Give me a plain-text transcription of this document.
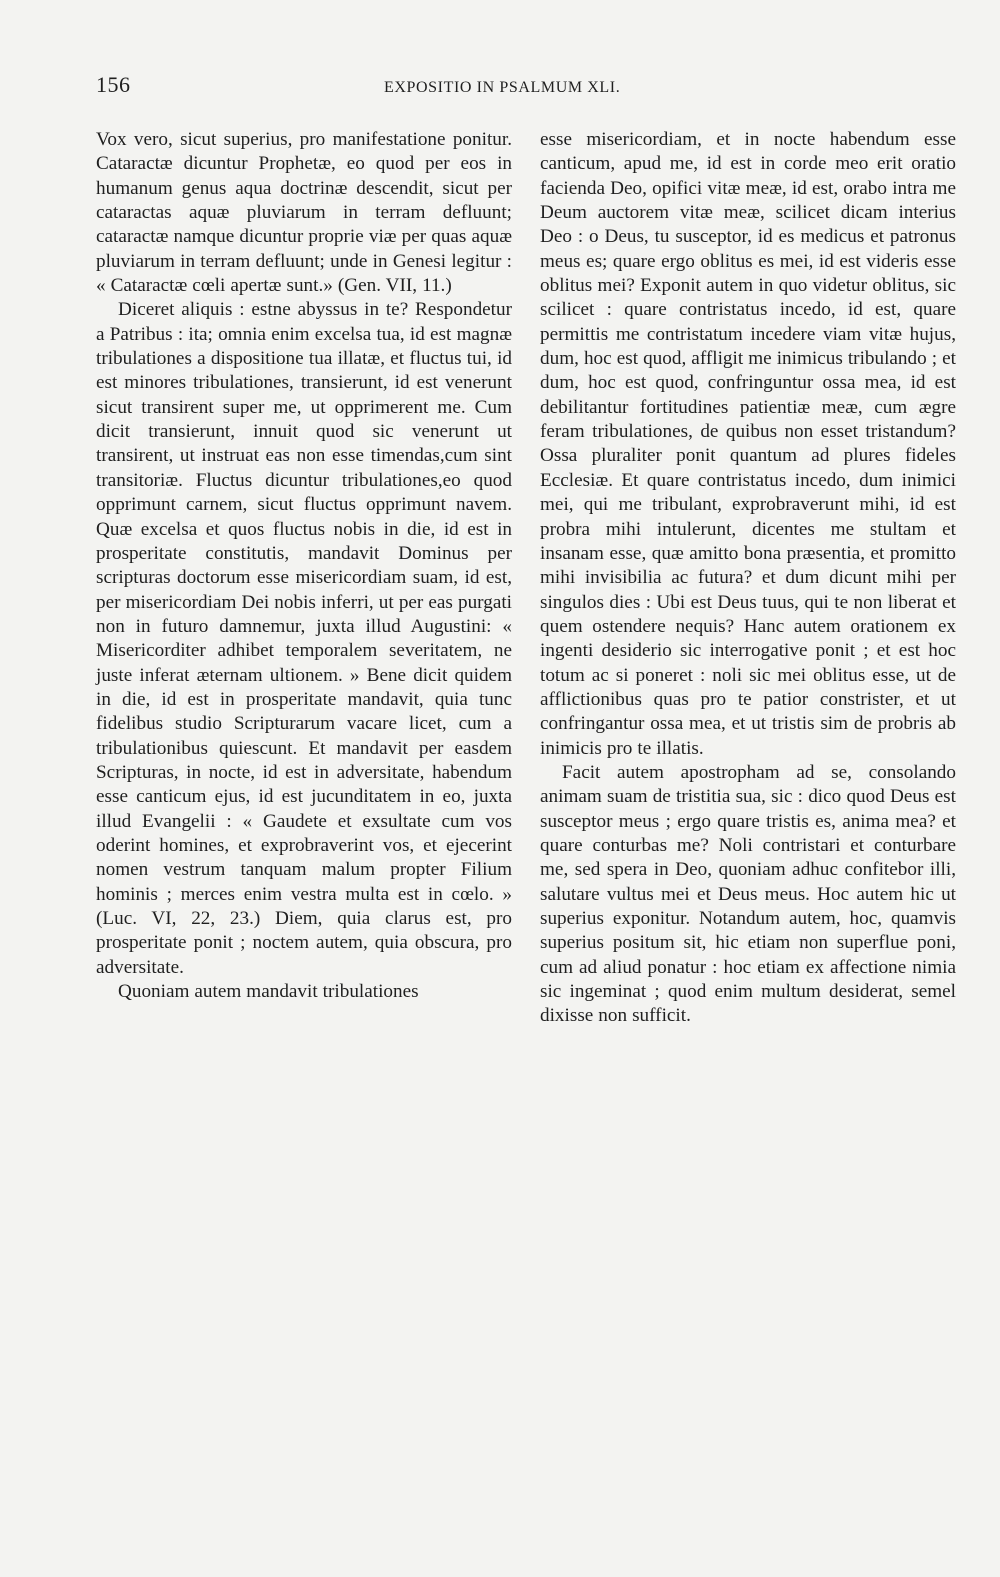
156	EXPOSITIO IN PSALMUM XLI.

Vox vero, sicut superius, pro manifestatione ponitur. Cataractæ dicuntur Prophetæ, eo quod per eos in humanum genus aqua doctrinæ descendit, sicut per cataractas aquæ pluviarum in terram defluunt; cataractæ namque dicuntur proprie viæ per quas aquæ pluviarum in terram defluunt; unde in Genesi legitur : « Cataractæ cœli apertæ sunt.» (Gen. VII, 11.)

Diceret aliquis : estne abyssus in te? Respondetur a Patribus : ita; omnia enim excelsa tua, id est magnæ tribulationes a dispositione tua illatæ, et fluctus tui, id est minores tribulationes, transierunt, id est venerunt sicut transirent super me, ut opprimerent me. Cum dicit transierunt, innuit quod sic venerunt ut transirent, ut instruat eas non esse timendas,cum sint transitoriæ. Fluctus dicuntur tribulationes,eo quod opprimunt carnem, sicut fluctus opprimunt navem. Quæ excelsa et quos fluctus nobis in die, id est in prosperitate constitutis, mandavit Dominus per scripturas doctorum esse misericordiam suam, id est, per misericordiam Dei nobis inferri, ut per eas purgati non in futuro damnemur, juxta illud Augustini: « Misericorditer adhibet temporalem severitatem, ne juste inferat æternam ultionem. » Bene dicit quidem in die, id est in prosperitate mandavit, quia tunc fidelibus studio Scripturarum vacare licet, cum a tribulationibus quiescunt. Et mandavit per easdem Scripturas, in nocte, id est in adversitate, habendum esse canticum ejus, id est jucunditatem in eo, juxta illud Evangelii : « Gaudete et exsultate cum vos oderint homines, et exprobraverint vos, et ejecerint nomen vestrum tanquam malum propter Filium hominis ; merces enim vestra multa est in cœlo. » (Luc. VI, 22, 23.) Diem, quia clarus est, pro prosperitate ponit ; noctem autem, quia obscura, pro adversitate.

Quoniam autem mandavit tribulationes

esse misericordiam, et in nocte habendum esse canticum, apud me, id est in corde meo erit oratio facienda Deo, opifici vitæ meæ, id est, orabo intra me Deum auctorem vitæ meæ, scilicet dicam interius Deo : o Deus, tu susceptor, id es medicus et patronus meus es; quare ergo oblitus es mei, id est videris esse oblitus mei? Exponit autem in quo videtur oblitus, sic scilicet : quare contristatus incedo, id est, quare permittis me contristatum incedere viam vitæ hujus, dum, hoc est quod, affligit me inimicus tribulando ; et dum, hoc est quod, confringuntur ossa mea, id est debilitantur fortitudines patientiæ meæ, cum ægre feram tribulationes, de quibus non esset tristandum? Ossa pluraliter ponit quantum ad plures fideles Ecclesiæ. Et quare contristatus incedo, dum inimici mei, qui me tribulant, exprobraverunt mihi, id est probra mihi intulerunt, dicentes me stultam et insanam esse, quæ amitto bona præsentia, et promitto mihi invisibilia ac futura? et dum dicunt mihi per singulos dies : Ubi est Deus tuus, qui te non liberat et quem ostendere nequis? Hanc autem orationem ex ingenti desiderio sic interrogative ponit ; et est hoc totum ac si poneret : noli sic mei oblitus esse, ut de afflictionibus quas pro te patior constrister, et ut confringantur ossa mea, et ut tristis sim de probris ab inimicis pro te illatis.

Facit autem apostropham ad se, consolando animam suam de tristitia sua, sic : dico quod Deus est susceptor meus ; ergo quare tristis es, anima mea? et quare conturbas me? Noli contristari et conturbare me, sed spera in Deo, quoniam adhuc confitebor illi, salutare vultus mei et Deus meus. Hoc autem hic ut superius exponitur. Notandum autem, hoc, quamvis superius positum sit, hic etiam non superflue poni, cum ad aliud ponatur : hoc etiam ex affectione nimia sic ingeminat ; quod enim multum desiderat, semel dixisse non sufficit.
